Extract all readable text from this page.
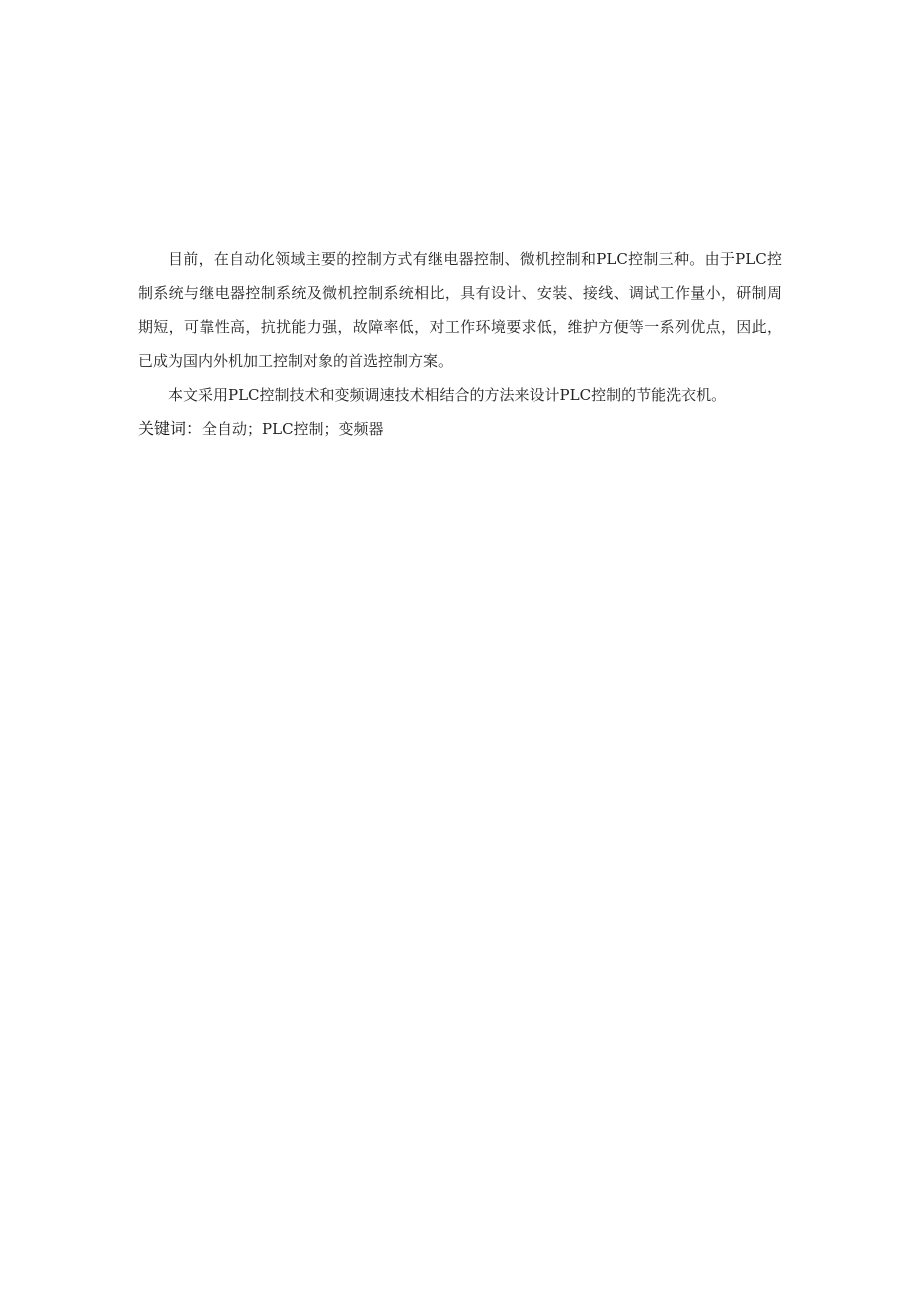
目前，在自动化领域主要的控制方式有继电器控制、微机控制和PLC控制三种。由于PLC控制系统与继电器控制系统及微机控制系统相比，具有设计、安装、接线、调试工作量小，研制周期短，可靠性高，抗扰能力强，故障率低，对工作环境要求低，维护方便等一系列优点，因此，已成为国内外机加工控制对象的首选控制方案。

本文采用PLC控制技术和变频调速技术相结合的方法来设计PLC控制的节能洗衣机。

关键词：全自动；PLC控制；变频器
